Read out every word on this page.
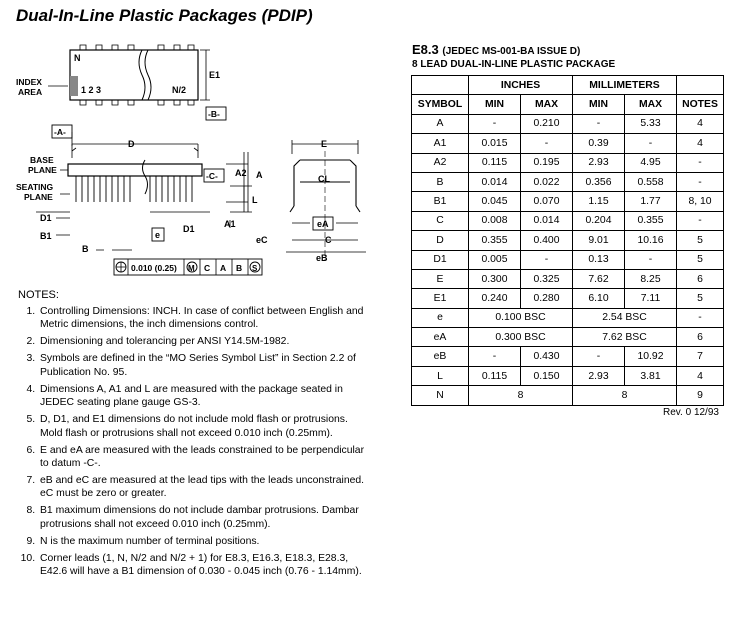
Dual-In-Line Plastic Packages (PDIP)
N
1 2 3	N/2
INDEX
AREA
E1
-B-
-A-
D
BASE
PLANE
SEATING
PLANE
-C- A2 A
L
A1
D1
D1
B1
B
e
0.010 (0.25) M C A B S
E
CL
eA
C
eB
eC
NOTES:
1. Controlling Dimensions: INCH. In case of conflict between English and Metric dimensions, the inch dimensions control.
2. Dimensioning and tolerancing per ANSI Y14.5M-1982.
3. Symbols are defined in the “MO Series Symbol List” in Section 2.2 of Publication No. 95.
4. Dimensions A, A1 and L are measured with the package seated in JEDEC seating plane gauge GS-3.
5. D, D1, and E1 dimensions do not include mold flash or protrusions. Mold flash or protrusions shall not exceed 0.010 inch (0.25mm).
6. E and eA are measured with the leads constrained to be perpendicular to datum -C-.
7. eB and eC are measured at the lead tips with the leads unconstrained. eC must be zero or greater.
8. B1 maximum dimensions do not include dambar protrusions. Dambar protrusions shall not exceed 0.010 inch (0.25mm).
9. N is the maximum number of terminal positions.
10. Corner leads (1, N, N/2 and N/2 + 1) for E8.3, E16.3, E18.3, E28.3, E42.6 will have a B1 dimension of 0.030 - 0.045 inch (0.76 - 1.14mm).
E8.3 (JEDEC MS-001-BA ISSUE D)
8 LEAD DUAL-IN-LINE PLASTIC PACKAGE
	INCHES		MILLIMETERS		
SYMBOL	MIN	MAX	MIN	MAX	NOTES
A	-	0.210	-	5.33	4
A1	0.015	-	0.39	-	4
A2	0.115	0.195	2.93	4.95	-
B	0.014	0.022	0.356	0.558	-
B1	0.045	0.070	1.15	1.77	8, 10
C	0.008	0.014	0.204	0.355	-
D	0.355	0.400	9.01	10.16	5
D1	0.005	-	0.13	-	5
E	0.300	0.325	7.62	8.25	6
E1	0.240	0.280	6.10	7.11	5
e	0.100 BSC		2.54 BSC		-
eA	0.300 BSC		7.62 BSC		6
eB	-	0.430	-	10.92	7
L	0.115	0.150	2.93	3.81	4
N	8		8		9
Rev. 0 12/93
